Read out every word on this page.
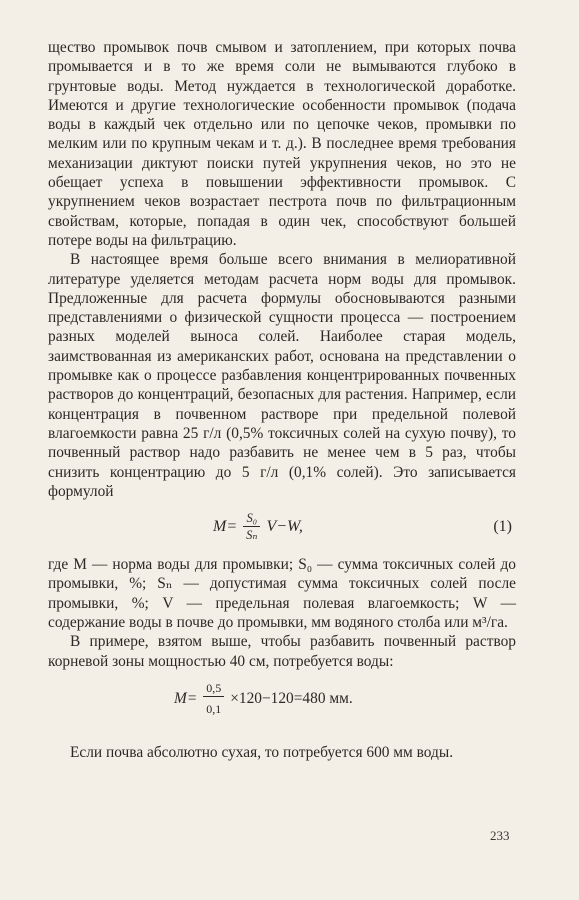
щество промывок почв смывом и затоплением, при которых почва промывается и в то же время соли не вымываются глубоко в грунтовые воды. Метод нуждается в технологической доработке. Имеются и другие технологические особенности промывок (подача воды в каждый чек отдельно или по цепочке чеков, промывки по мелким или по крупным чекам и т. д.). В последнее время требования механизации диктуют поиски путей укрупнения чеков, но это не обещает успеха в повышении эффективности промывок. С укрупнением чеков возрастает пестрота почв по фильтрационным свойствам, которые, попадая в один чек, способствуют большей потере воды на фильтрацию.

В настоящее время больше всего внимания в мелиоративной литературе уделяется методам расчета норм воды для промывок. Предложенные для расчета формулы обосновываются разными представлениями о физической сущности процесса — построением разных моделей выноса солей. Наиболее старая модель, заимствованная из американских работ, основана на представлении о промывке как о процессе разбавления концентрированных почвенных растворов до концентраций, безопасных для растения. Например, если концентрация в почвенном растворе при предельной полевой влагоемкости равна 25 г/л (0,5% токсичных солей на сухую почву), то почвенный раствор надо разбавить не менее чем в 5 раз, чтобы снизить концентрацию до 5 г/л (0,1% солей). Это записывается формулой

$M= \frac{\text{S₀}}{\text{Sₙ}} V-W$,	(1)

где M — норма воды для промывки; S₀ — сумма токсичных солей до промывки, %; Sₙ — допустимая сумма токсичных солей после промывки, %; V — предельная полевая влагоемкость; W — содержание воды в почве до промывки, мм водяного столба или м³/га.

В примере, взятом выше, чтобы разбавить почвенный раствор корневой зоны мощностью 40 см, потребуется воды:

$M= \frac{0,5}{0,1} \times 120-120=480$ мм.

Если почва абсолютно сухая, то потребуется 600 мм воды.

233
